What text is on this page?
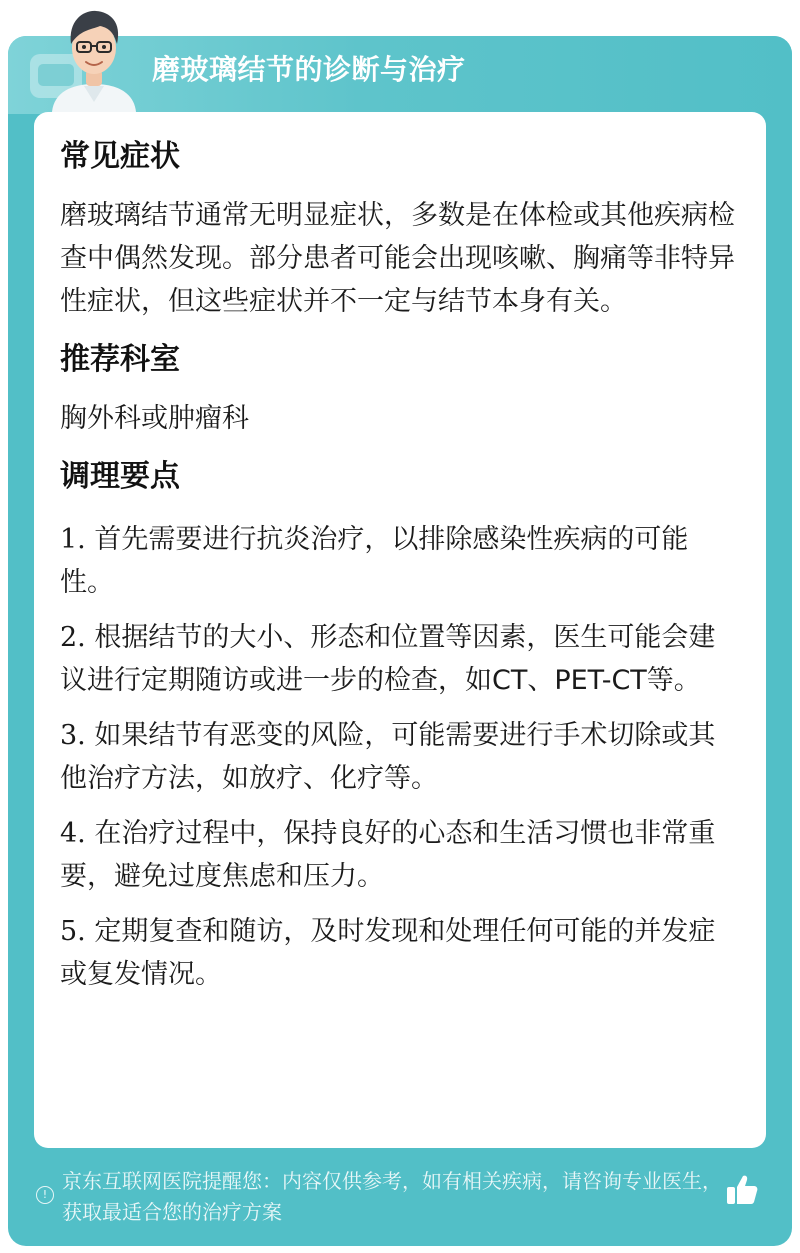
磨玻璃结节的诊断与治疗
常见症状

磨玻璃结节通常无明显症状，多数是在体检或其他疾病检查中偶然发现。部分患者可能会出现咳嗽、胸痛等非特异性症状，但这些症状并不一定与结节本身有关。

推荐科室

胸外科或肿瘤科

调理要点

1. 首先需要进行抗炎治疗，以排除感染性疾病的可能性。

2. 根据结节的大小、形态和位置等因素，医生可能会建议进行定期随访或进一步的检查，如CT、PET-CT等。

3. 如果结节有恶变的风险，可能需要进行手术切除或其他治疗方法，如放疗、化疗等。

4. 在治疗过程中，保持良好的心态和生活习惯也非常重要，避免过度焦虑和压力。

5. 定期复查和随访，及时发现和处理任何可能的并发症或复发情况。

!
京东互联网医院提醒您：内容仅供参考，如有相关疾病，请咨询专业医生，获取最适合您的治疗方案
